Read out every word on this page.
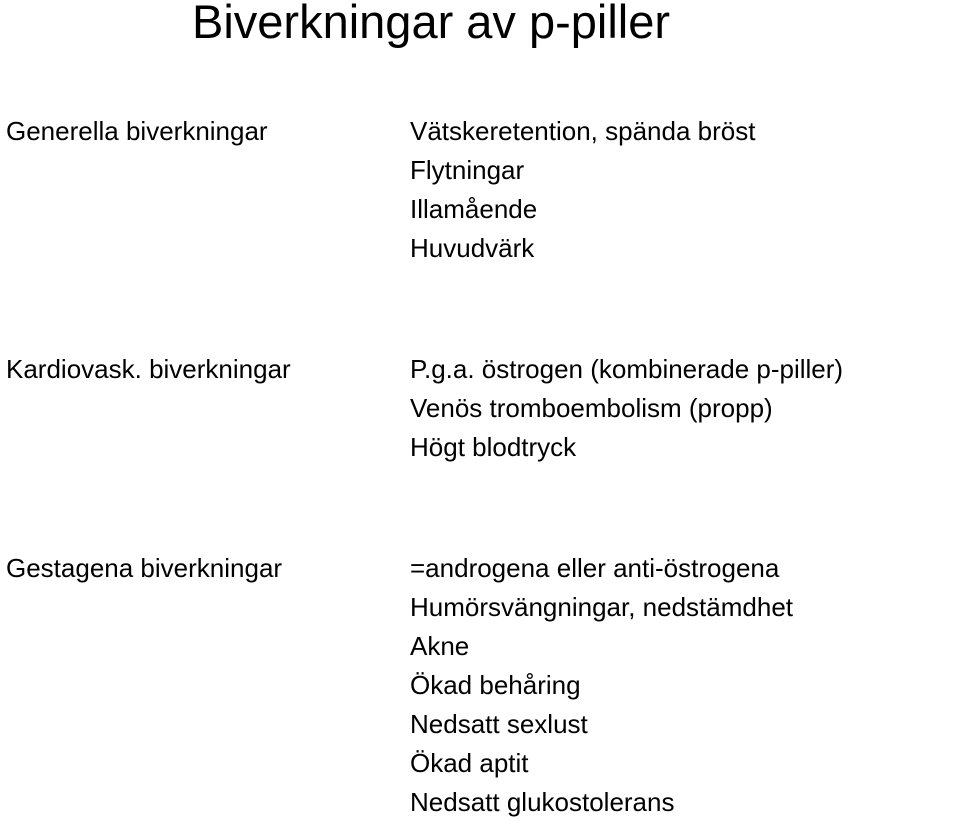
Biverkningar av p-piller
Generella biverkningar	Vätskeretention, spända bröst
Flytningar
Illamående
Huvudvärk
Kardiovask. biverkningar	P.g.a. östrogen (kombinerade p-piller)
Venös tromboembolism (propp)
Högt blodtryck
Gestagena biverkningar	=androgena eller anti-östrogena
Humörsvängningar, nedstämdhet
Akne
Ökad behåring
Nedsatt sexlust
Ökad aptit
Nedsatt glukostolerans
